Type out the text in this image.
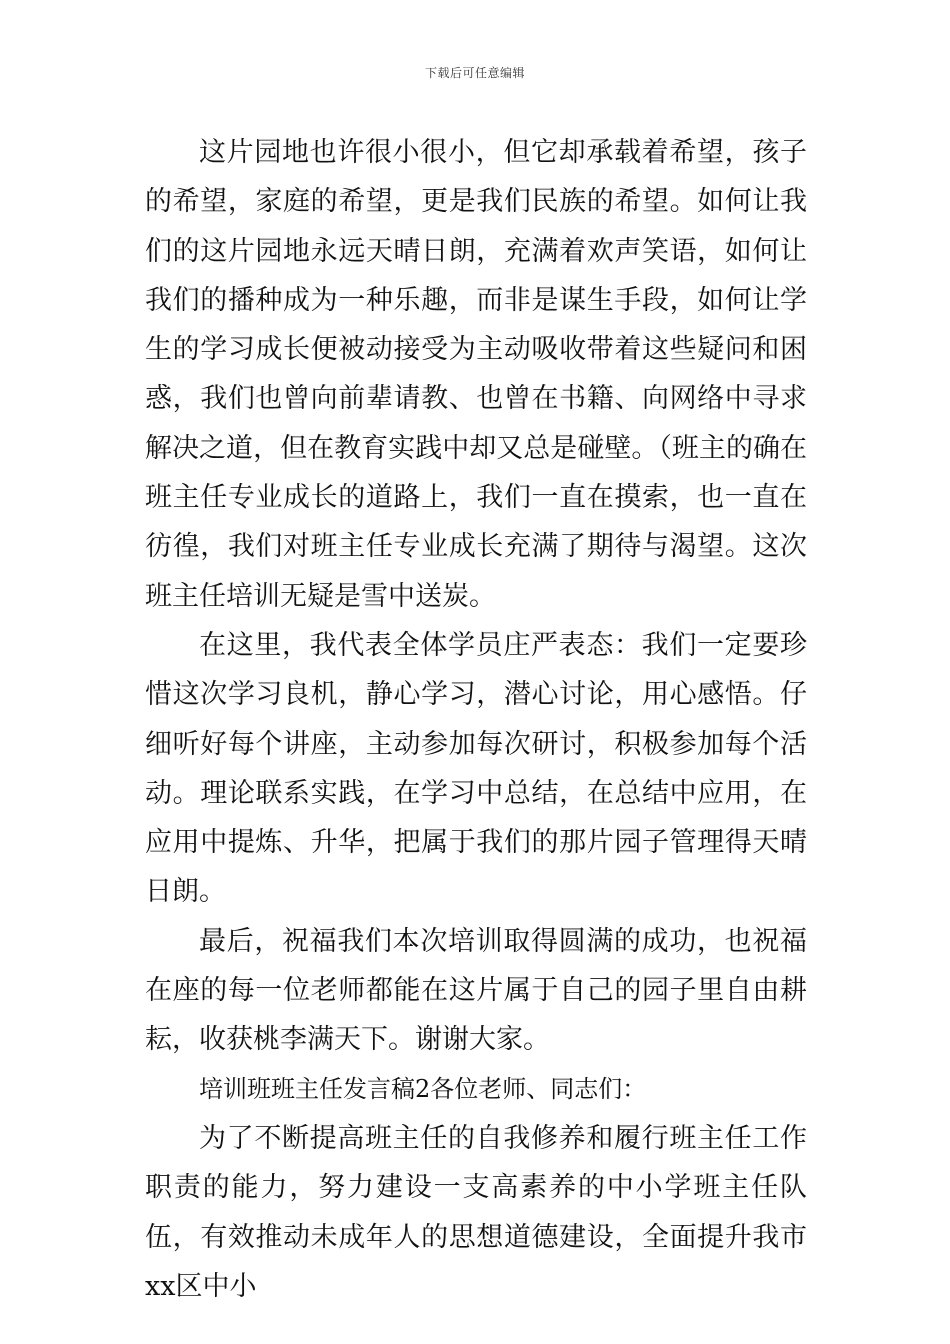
下载后可任意编辑

这片园地也许很小很小，但它却承载着希望，孩子的希望，家庭的希望，更是我们民族的希望。如何让我们的这片园地永远天晴日朗，充满着欢声笑语，如何让我们的播种成为一种乐趣，而非是谋生手段，如何让学生的学习成长便被动接受为主动吸收带着这些疑问和困惑，我们也曾向前辈请教、也曾在书籍、向网络中寻求解决之道，但在教育实践中却又总是碰壁。（班主的确在班主任专业成长的道路上，我们一直在摸索，也一直在彷徨，我们对班主任专业成长充满了期待与渴望。这次班主任培训无疑是雪中送炭。

在这里，我代表全体学员庄严表态：我们一定要珍惜这次学习良机，静心学习，潜心讨论，用心感悟。仔细听好每个讲座，主动参加每次研讨，积极参加每个活动。理论联系实践，在学习中总结，在总结中应用，在应用中提炼、升华，把属于我们的那片园子管理得天晴日朗。

最后，祝福我们本次培训取得圆满的成功，也祝福在座的每一位老师都能在这片属于自己的园子里自由耕耘，收获桃李满天下。谢谢大家。

培训班班主任发言稿2各位老师、同志们：

为了不断提高班主任的自我修养和履行班主任工作职责的能力，努力建设一支高素养的中小学班主任队伍，有效推动未成年人的思想道德建设，全面提升我市xx区中小
